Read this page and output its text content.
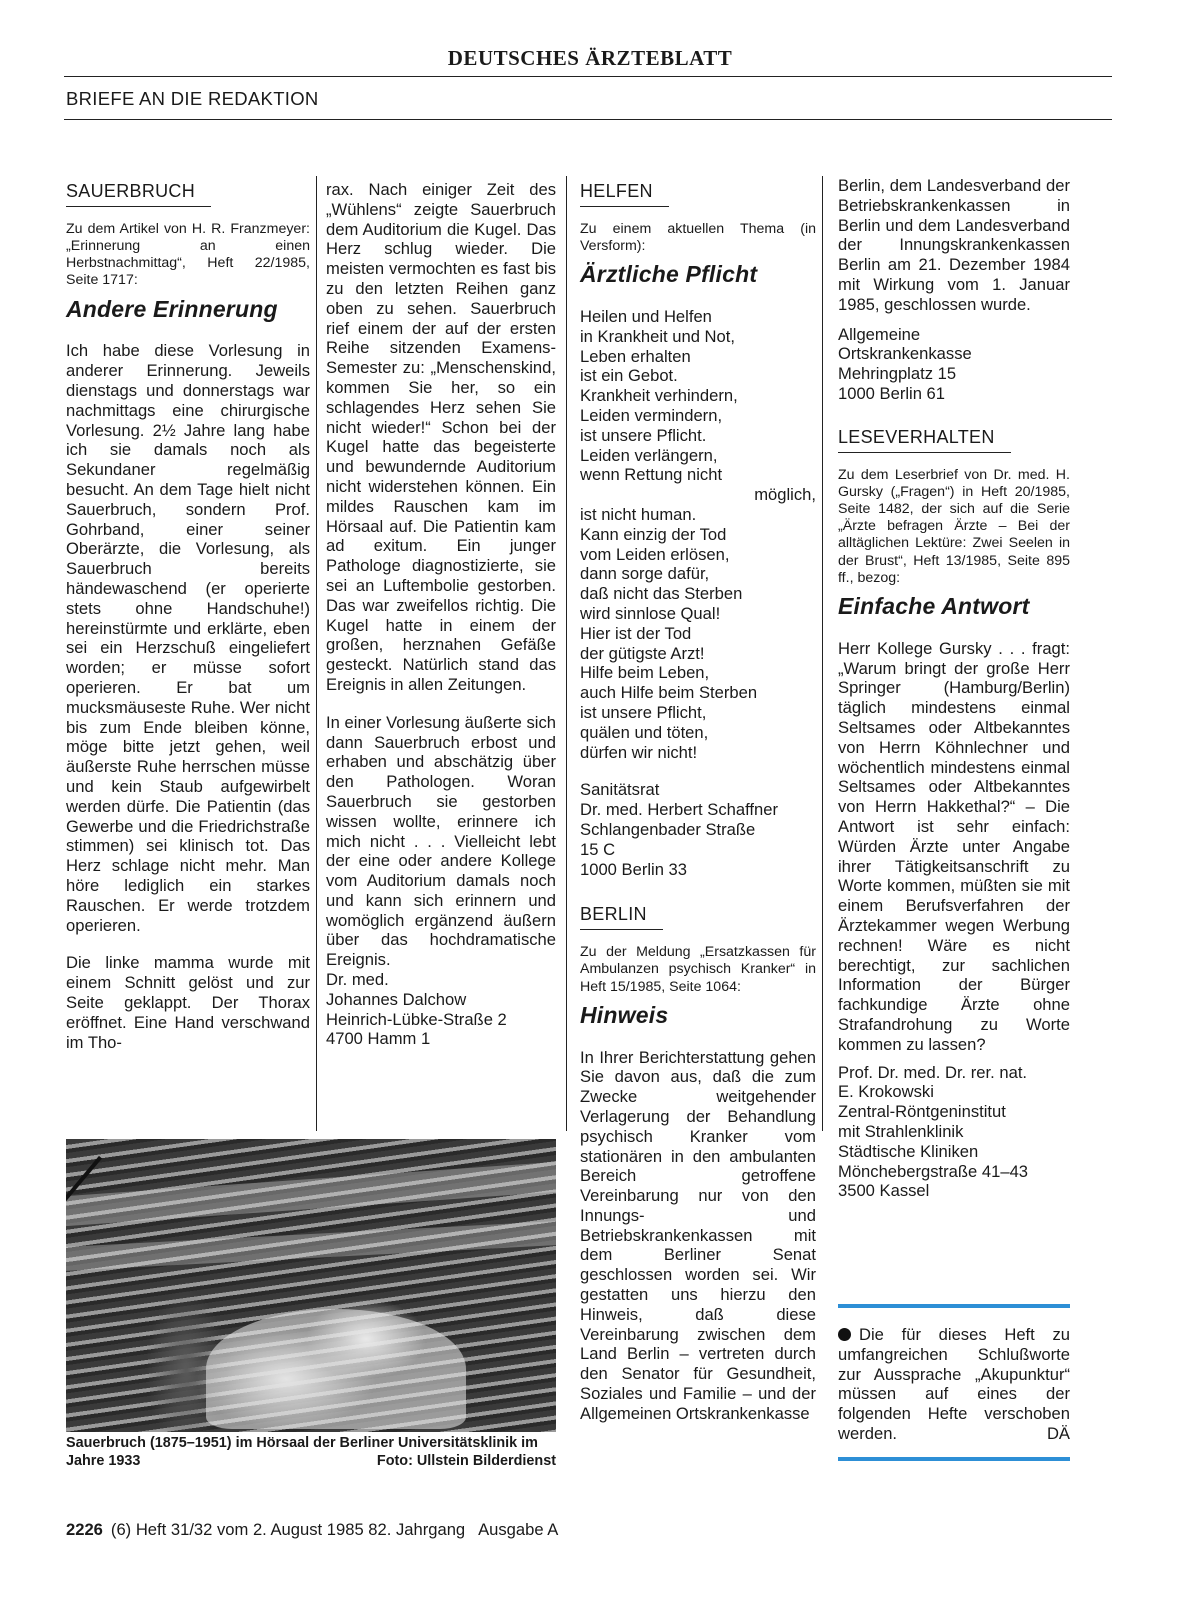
DEUTSCHES ÄRZTEBLATT
BRIEFE AN DIE REDAKTION
SAUERBRUCH

Zu dem Artikel von H. R. Franzmeyer: „Erinnerung an einen Herbstnachmittag“, Heft 22/1985, Seite 1717:

Andere Erinnerung

Ich habe diese Vorlesung in anderer Erinnerung. Jeweils dienstags und donnerstags war nachmittags eine chirurgische Vorlesung. 2½ Jahre lang habe ich sie damals noch als Sekundaner regelmäßig besucht. An dem Tage hielt nicht Sauerbruch, sondern Prof. Gohrband, einer seiner Oberärzte, die Vorlesung, als Sauerbruch bereits händewaschend (er operierte stets ohne Handschuhe!) hereinstürmte und erklärte, eben sei ein Herzschuß eingeliefert worden; er müsse sofort operieren. Er bat um mucksmäuseste Ruhe. Wer nicht bis zum Ende bleiben könne, möge bitte jetzt gehen, weil äußerste Ruhe herrschen müsse und kein Staub aufgewirbelt werden dürfe. Die Patientin (das Gewerbe und die Friedrichstraße stimmen) sei klinisch tot. Das Herz schlage nicht mehr. Man höre lediglich ein starkes Rauschen. Er werde trotzdem operieren.

Die linke mamma wurde mit einem Schnitt gelöst und zur Seite geklappt. Der Thorax eröffnet. Eine Hand verschwand im Tho-

rax. Nach einiger Zeit des „Wühlens“ zeigte Sauerbruch dem Auditorium die Kugel. Das Herz schlug wieder. Die meisten vermochten es fast bis zu den letzten Reihen ganz oben zu sehen. Sauerbruch rief einem der auf der ersten Reihe sitzenden Examens-Semester zu: „Menschenskind, kommen Sie her, so ein schlagendes Herz sehen Sie nicht wieder!“ Schon bei der Kugel hatte das begeisterte und bewundernde Auditorium nicht widerstehen können. Ein mildes Rauschen kam im Hörsaal auf. Die Patientin kam ad exitum. Ein junger Pathologe diagnostizierte, sie sei an Luftembolie gestorben. Das war zweifellos richtig. Die Kugel hatte in einem der großen, herznahen Gefäße gesteckt. Natürlich stand das Ereignis in allen Zeitungen.

In einer Vorlesung äußerte sich dann Sauerbruch erbost und erhaben und abschätzig über den Pathologen. Woran Sauerbruch sie gestorben wissen wollte, erinnere ich mich nicht . . . Vielleicht lebt der eine oder andere Kollege vom Auditorium damals noch und kann sich erinnern und womöglich ergänzend äußern über das hochdramatische Ereignis.

Dr. med.
Johannes Dalchow
Heinrich-Lübke-Straße 2
4700 Hamm 1

HELFEN

Zu einem aktuellen Thema (in Versform):

Ärztliche Pflicht

Heilen und Helfen
in Krankheit und Not,
Leben erhalten
ist ein Gebot.
Krankheit verhindern,
Leiden vermindern,
ist unsere Pflicht.
Leiden verlängern,
wenn Rettung nicht

möglich,

ist nicht human.
Kann einzig der Tod
vom Leiden erlösen,
dann sorge dafür,
daß nicht das Sterben
wird sinnlose Qual!
Hier ist der Tod
der gütigste Arzt!
Hilfe beim Leben,
auch Hilfe beim Sterben
ist unsere Pflicht,
quälen und töten,
dürfen wir nicht!

Sanitätsrat
Dr. med. Herbert Schaffner
Schlangenbader Straße
15 C
1000 Berlin 33

BERLIN

Zu der Meldung „Ersatzkassen für Ambulanzen psychisch Kranker“ in Heft 15/1985, Seite 1064:

Hinweis

In Ihrer Berichterstattung gehen Sie davon aus, daß die zum Zwecke weitgehender Verlagerung der Behandlung psychisch Kranker vom stationären in den ambulanten Bereich getroffene Vereinbarung nur von den Innungs- und Betriebskrankenkassen mit dem Berliner Senat geschlossen worden sei. Wir gestatten uns hierzu den Hinweis, daß diese Vereinbarung zwischen dem Land Berlin – vertreten durch den Senator für Gesundheit, Soziales und Familie – und der Allgemeinen Ortskrankenkasse

Berlin, dem Landesverband der Betriebskrankenkassen in Berlin und dem Landesverband der Innungskrankenkassen Berlin am 21. Dezember 1984 mit Wirkung vom 1. Januar 1985, geschlossen wurde.

Allgemeine
Ortskrankenkasse
Mehringplatz 15
1000 Berlin 61

LESEVERHALTEN

Zu dem Leserbrief von Dr. med. H. Gursky („Fragen“) in Heft 20/1985, Seite 1482, der sich auf die Serie „Ärzte befragen Ärzte – Bei der alltäglichen Lektüre: Zwei Seelen in der Brust“, Heft 13/1985, Seite 895 ff., bezog:

Einfache Antwort

Herr Kollege Gursky . . . fragt: „Warum bringt der große Herr Springer (Hamburg/Berlin) täglich mindestens einmal Seltsames oder Altbekanntes von Herrn Köhnlechner und wöchentlich mindestens einmal Seltsames oder Altbekanntes von Herrn Hakkethal?“ – Die Antwort ist sehr einfach: Würden Ärzte unter Angabe ihrer Tätigkeitsanschrift zu Worte kommen, müßten sie mit einem Berufsverfahren der Ärztekammer wegen Werbung rechnen! Wäre es nicht berechtigt, zur sachlichen Information der Bürger fachkundige Ärzte ohne Strafandrohung zu Worte kommen zu lassen?

Prof. Dr. med. Dr. rer. nat.
E. Krokowski
Zentral-Röntgeninstitut
mit Strahlenklinik
Städtische Kliniken
Mönchebergstraße 41–43
3500 Kassel

Sauerbruch (1875–1951) im Hörsaal der Berliner Universitätsklinik im Jahre 1933	Foto: Ullstein Bilderdienst
Die für dieses Heft zu umfangreichen Schlußworte zur Aussprache „Akupunktur“ müssen auf eines der folgenden Hefte verschoben werden.	DÄ
2226 (6) Heft 31/32 vom 2. August 1985 82. Jahrgang   Ausgabe A
